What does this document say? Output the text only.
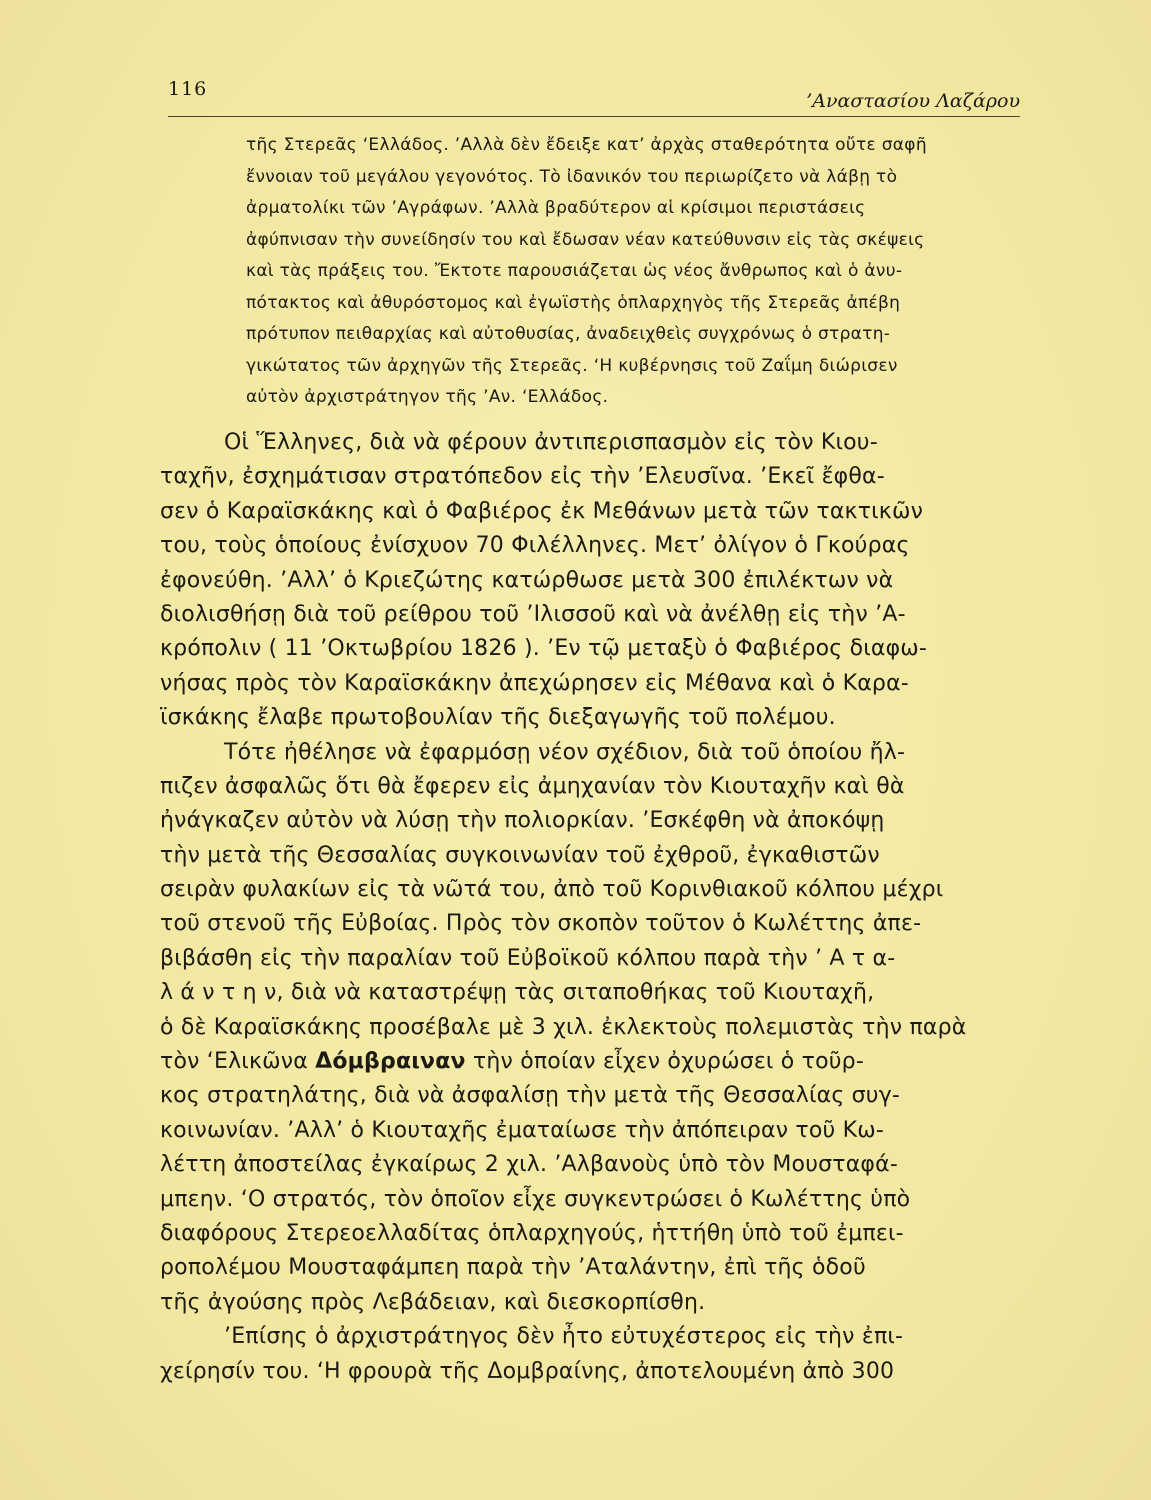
116
’Αναστασίου Λαζάρου
τῆς Στερεᾶς ‘Ελλάδος. ’Αλλὰ δὲν ἔδειξε κατ’ ἀρχὰς σταθερότητα οὔτε σαφῆ
ἔννοιαν τοῦ μεγάλου γεγονότος. Τὸ ἰδανικόν του περιωρίζετο νὰ λάβῃ τὸ
ἀρματολίκι τῶν ’Αγράφων. ’Αλλὰ βραδύτερον αἱ κρίσιμοι περιστάσεις
ἀφύπνισαν τὴν συνείδησίν του καὶ ἔδωσαν νέαν κατεύθυνσιν εἰς τὰς σκέψεις
καὶ τὰς πράξεις του. Ἔκτοτε παρουσιάζεται ὡς νέος ἄνθρωπος καὶ ὁ ἀνυ-
πότακτος καὶ ἀθυρόστομος καὶ ἐγωϊστὴς ὁπλαρχηγὸς τῆς Στερεᾶς ἀπέβη
πρότυπον πειθαρχίας καὶ αὐτοθυσίας, ἀναδειχθεὶς συγχρόνως ὁ στρατη-
γικώτατος τῶν ἀρχηγῶν τῆς Στερεᾶς. ‘Η κυβέρνησις τοῦ Ζαΐμη διώρισεν
αὐτὸν ἀρχιστράτηγον τῆς ’Αν. ‘Ελλάδος.
Οἱ Ἕλληνες, διὰ νὰ φέρουν ἀντιπερισπασμὸν εἰς τὸν Κιου-
ταχῆν, ἐσχημάτισαν στρατόπεδον εἰς τὴν ’Ελευσῖνα. ’Εκεῖ ἔφθα-
σεν ὁ Καραϊσκάκης καὶ ὁ Φαβιέρος ἐκ Μεθάνων μετὰ τῶν τακτικῶν
του, τοὺς ὁποίους ἐνίσχυον 70 Φιλέλληνες. Μετ’ ὀλίγον ὁ Γκούρας
ἐφονεύθη. ’Αλλ’ ὁ Κριεζώτης κατώρθωσε μετὰ 300 ἐπιλέκτων νὰ
διολισθήσῃ διὰ τοῦ ρείθρου τοῦ ’Ιλισσοῦ καὶ νὰ ἀνέλθῃ εἰς τὴν ’Α-
κρόπολιν ( 11 ’Οκτωβρίου 1826 ). ’Εν τῷ μεταξὺ ὁ Φαβιέρος διαφω-
νήσας πρὸς τὸν Καραϊσκάκην ἀπεχώρησεν εἰς Μέθανα καὶ ὁ Καρα-
ϊσκάκης ἔλαβε πρωτοβουλίαν τῆς διεξαγωγῆς τοῦ πολέμου.
Τότε ἠθέλησε νὰ ἐφαρμόσῃ νέον σχέδιον, διὰ τοῦ ὁποίου ἤλ-
πιζεν ἀσφαλῶς ὅτι θὰ ἔφερεν εἰς ἀμηχανίαν τὸν Κιουταχῆν καὶ θὰ
ἠνάγκαζεν αὐτὸν νὰ λύσῃ τὴν πολιορκίαν. ’Εσκέφθη νὰ ἀποκόψῃ
τὴν μετὰ τῆς Θεσσαλίας συγκοινωνίαν τοῦ ἐχθροῦ, ἐγκαθιστῶν
σειρὰν φυλακίων εἰς τὰ νῶτά του, ἀπὸ τοῦ Κορινθιακοῦ κόλπου μέχρι
τοῦ στενοῦ τῆς Εὐβοίας. Πρὸς τὸν σκοπὸν τοῦτον ὁ Κωλέττης ἀπε-
βιβάσθη εἰς τὴν παραλίαν τοῦ Εὐβοϊκοῦ κόλπου παρὰ τὴν ’ Α τ α-
λ ά ν τ η ν, διὰ νὰ καταστρέψῃ τὰς σιταποθήκας τοῦ Κιουταχῆ,
ὁ δὲ Καραϊσκάκης προσέβαλε μὲ 3 χιλ. ἐκλεκτοὺς πολεμιστὰς τὴν παρὰ
τὸν ‘Ελικῶνα Δόμβραιναν τὴν ὁποίαν εἶχεν ὀχυρώσει ὁ τοῦρ-
κος στρατηλάτης, διὰ νὰ ἀσφαλίσῃ τὴν μετὰ τῆς Θεσσαλίας συγ-
κοινωνίαν. ’Αλλ’ ὁ Κιουταχῆς ἐματαίωσε τὴν ἀπόπειραν τοῦ Κω-
λέττη ἀποστείλας ἐγκαίρως 2 χιλ. ’Αλβανοὺς ὑπὸ τὸν Μουσταφά-
μπεην. ‘Ο στρατός, τὸν ὁποῖον εἶχε συγκεντρώσει ὁ Κωλέττης ὑπὸ
διαφόρους Στερεοελλαδίτας ὁπλαρχηγούς, ἡττήθη ὑπὸ τοῦ ἐμπει-
ροπολέμου Μουσταφάμπεη παρὰ τὴν ’Αταλάντην, ἐπὶ τῆς ὁδοῦ
τῆς ἀγούσης πρὸς Λεβάδειαν, καὶ διεσκορπίσθη.
’Επίσης ὁ ἀρχιστράτηγος δὲν ἦτο εὐτυχέστερος εἰς τὴν ἐπι-
χείρησίν του. ‘Η φρουρὰ τῆς Δομβραίνης, ἀποτελουμένη ἀπὸ 300
